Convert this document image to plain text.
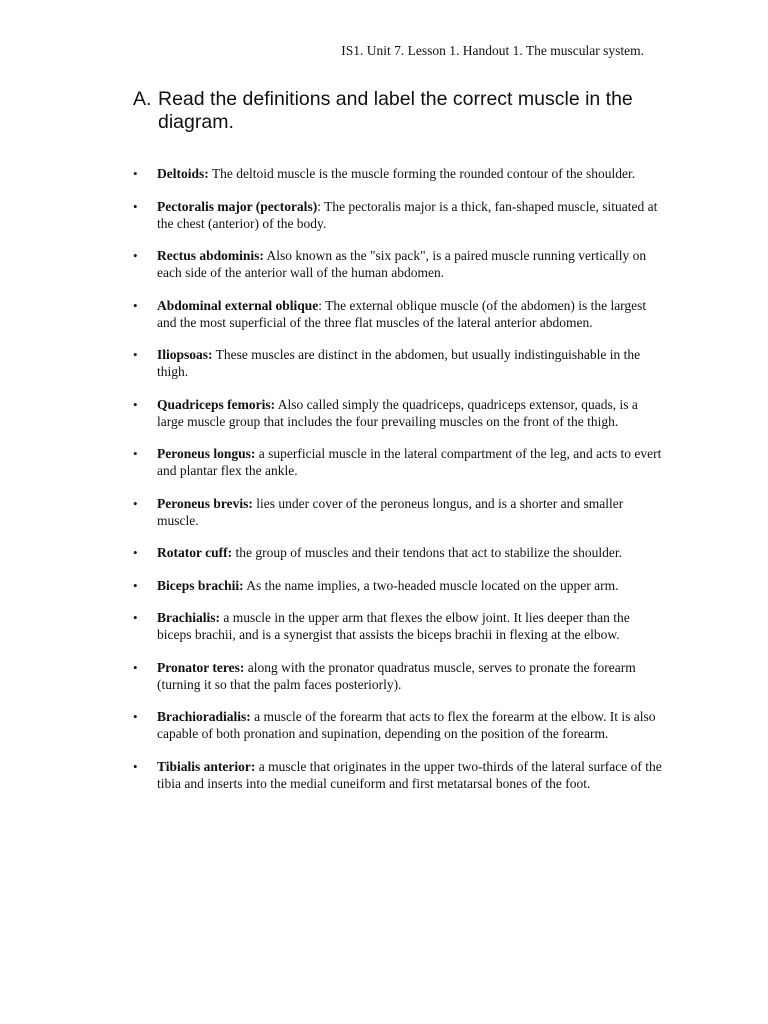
IS1. Unit 7. Lesson 1. Handout 1. The muscular system.
A. Read the definitions and label the correct muscle in the diagram.
•	Deltoids: The deltoid muscle is the muscle forming the rounded contour of the shoulder.
•	Pectoralis major (pectorals): The pectoralis major is a thick, fan-shaped muscle, situated at the chest (anterior) of the body.
•	Rectus abdominis: Also known as the "six pack", is a paired muscle running vertically on each side of the anterior wall of the human abdomen.
•	Abdominal external oblique: The external oblique muscle (of the abdomen) is the largest and the most superficial of the three flat muscles of the lateral anterior abdomen.
•	Iliopsoas: These muscles are distinct in the abdomen, but usually indistinguishable in the thigh.
•	Quadriceps femoris: Also called simply the quadriceps, quadriceps extensor, quads, is a large muscle group that includes the four prevailing muscles on the front of the thigh.
•	Peroneus longus: a superficial muscle in the lateral compartment of the leg, and acts to evert and plantar flex the ankle.
•	Peroneus brevis: lies under cover of the peroneus longus, and is a shorter and smaller muscle.
•	Rotator cuff: the group of muscles and their tendons that act to stabilize the shoulder.
•	Biceps brachii: As the name implies, a two-headed muscle located on the upper arm.
•	Brachialis: a muscle in the upper arm that flexes the elbow joint. It lies deeper than the biceps brachii, and is a synergist that assists the biceps brachii in flexing at the elbow.
•	Pronator teres: along with the pronator quadratus muscle, serves to pronate the forearm (turning it so that the palm faces posteriorly).
•	Brachioradialis: a muscle of the forearm that acts to flex the forearm at the elbow. It is also capable of both pronation and supination, depending on the position of the forearm.
•	Tibialis anterior: a muscle that originates in the upper two-thirds of the lateral surface of the tibia and inserts into the medial cuneiform and first metatarsal bones of the foot.
